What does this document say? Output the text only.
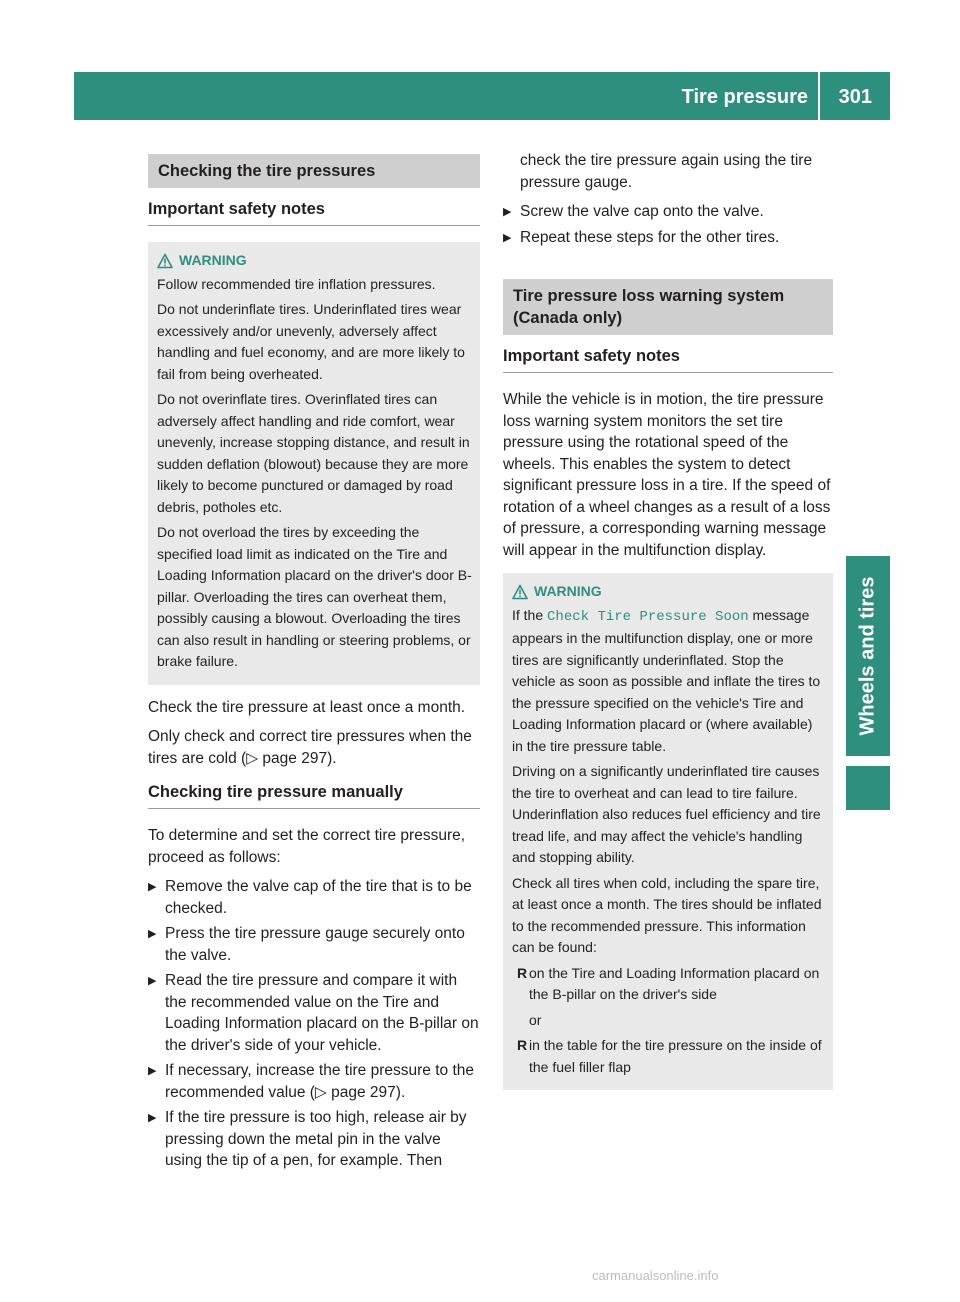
Tire pressure	301
Wheels and tires
Checking the tire pressures
Important safety notes
WARNING

Follow recommended tire inflation pressures.

Do not underinflate tires. Underinflated tires wear excessively and/or unevenly, adversely affect handling and fuel economy, and are more likely to fail from being overheated.

Do not overinflate tires. Overinflated tires can adversely affect handling and ride comfort, wear unevenly, increase stopping distance, and result in sudden deflation (blowout) because they are more likely to become punctured or damaged by road debris, potholes etc.

Do not overload the tires by exceeding the specified load limit as indicated on the Tire and Loading Information placard on the driver's door B-pillar. Overloading the tires can overheat them, possibly causing a blowout. Overloading the tires can also result in handling or steering problems, or brake failure.

Check the tire pressure at least once a month.

Only check and correct tire pressures when the tires are cold (▷ page 297).

Checking tire pressure manually

To determine and set the correct tire pressure, proceed as follows:

▶ Remove the valve cap of the tire that is to be checked.
▶ Press the tire pressure gauge securely onto the valve.
▶ Read the tire pressure and compare it with the recommended value on the Tire and Loading Information placard on the B-pillar on the driver's side of your vehicle.
▶ If necessary, increase the tire pressure to the recommended value (▷ page 297).
▶ If the tire pressure is too high, release air by pressing down the metal pin in the valve using the tip of a pen, for example. Then

check the tire pressure again using the tire pressure gauge.

▶ Screw the valve cap onto the valve.
▶ Repeat these steps for the other tires.
Tire pressure loss warning system (Canada only)
Important safety notes

While the vehicle is in motion, the tire pressure loss warning system monitors the set tire pressure using the rotational speed of the wheels. This enables the system to detect significant pressure loss in a tire. If the speed of rotation of a wheel changes as a result of a loss of pressure, a corresponding warning message will appear in the multifunction display.

WARNING

If the Check Tire Pressure Soon message appears in the multifunction display, one or more tires are significantly underinflated. Stop the vehicle as soon as possible and inflate the tires to the pressure specified on the vehicle's Tire and Loading Information placard or (where available) in the tire pressure table.

Driving on a significantly underinflated tire causes the tire to overheat and can lead to tire failure. Underinflation also reduces fuel efficiency and tire tread life, and may affect the vehicle's handling and stopping ability.

Check all tires when cold, including the spare tire, at least once a month. The tires should be inflated to the recommended pressure. This information can be found:

R on the Tire and Loading Information placard on the B-pillar on the driver's side
or
R in the table for the tire pressure on the inside of the fuel filler flap
carmanualsonline.info
